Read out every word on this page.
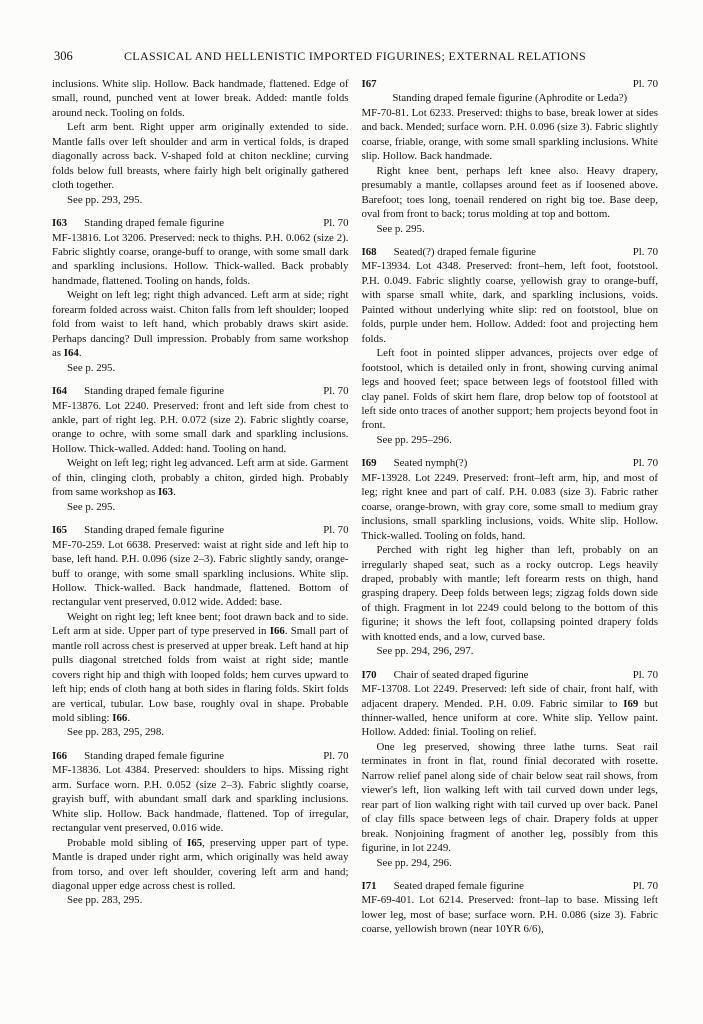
306	CLASSICAL AND HELLENISTIC IMPORTED FIGURINES; EXTERNAL RELATIONS

inclusions. White slip. Hollow. Back handmade, flattened. Edge of small, round, punched vent at lower break. Added: mantle folds around neck. Tooling on folds.

Left arm bent. Right upper arm originally extended to side. Mantle falls over left shoulder and arm in vertical folds, is draped diagonally across back. V-shaped fold at chiton neckline; curving folds below full breasts, where fairly high belt originally gathered cloth together.

See pp. 293, 295.

I63 Standing draped female figurine	Pl. 70

MF-13816. Lot 3206. Preserved: neck to thighs. P.H. 0.062 (size 2). Fabric slightly coarse, orange-buff to orange, with some small dark and sparkling inclusions. Hollow. Thick-walled. Back probably handmade, flattened. Tooling on hands, folds.

Weight on left leg; right thigh advanced. Left arm at side; right forearm folded across waist. Chiton falls from left shoulder; looped fold from waist to left hand, which probably draws skirt aside. Perhaps dancing? Dull impression. Probably from same workshop as I64.

See p. 295.

I64 Standing draped female figurine	Pl. 70

MF-13876. Lot 2240. Preserved: front and left side from chest to ankle, part of right leg. P.H. 0.072 (size 2). Fabric slightly coarse, orange to ochre, with some small dark and sparkling inclusions. Hollow. Thick-walled. Added: hand. Tooling on hand.

Weight on left leg; right leg advanced. Left arm at side. Garment of thin, clinging cloth, probably a chiton, girded high. Probably from same workshop as I63.

See p. 295.

I65 Standing draped female figurine	Pl. 70

MF-70-259. Lot 6638. Preserved: waist at right side and left hip to base, left hand. P.H. 0.096 (size 2–3). Fabric slightly sandy, orange-buff to orange, with some small sparkling inclusions. White slip. Hollow. Thick-walled. Back handmade, flattened. Bottom of rectangular vent preserved, 0.012 wide. Added: base.

Weight on right leg; left knee bent; foot drawn back and to side. Left arm at side. Upper part of type preserved in I66. Small part of mantle roll across chest is preserved at upper break. Left hand at hip pulls diagonal stretched folds from waist at right side; mantle covers right hip and thigh with looped folds; hem curves upward to left hip; ends of cloth hang at both sides in flaring folds. Skirt folds are vertical, tubular. Low base, roughly oval in shape. Probable mold sibling: I66.

See pp. 283, 295, 298.

I66 Standing draped female figurine	Pl. 70

MF-13836. Lot 4384. Preserved: shoulders to hips. Missing right arm. Surface worn. P.H. 0.052 (size 2–3). Fabric slightly coarse, grayish buff, with abundant small dark and sparkling inclusions. White slip. Hollow. Back handmade, flattened. Top of irregular, rectangular vent preserved, 0.016 wide.

Probable mold sibling of I65, preserving upper part of type. Mantle is draped under right arm, which originally was held away from torso, and over left shoulder, covering left arm and hand; diagonal upper edge across chest is rolled.

See pp. 283, 295.

I67	Pl. 70

Standing draped female figurine (Aphrodite or Leda?)

MF-70-81. Lot 6233. Preserved: thighs to base, break lower at sides and back. Mended; surface worn. P.H. 0.096 (size 3). Fabric slightly coarse, friable, orange, with some small sparkling inclusions. White slip. Hollow. Back handmade.

Right knee bent, perhaps left knee also. Heavy drapery, presumably a mantle, collapses around feet as if loosened above. Barefoot; toes long, toenail rendered on right big toe. Base deep, oval from front to back; torus molding at top and bottom.

See p. 295.

I68 Seated(?) draped female figurine	Pl. 70

MF-13934. Lot 4348. Preserved: front–hem, left foot, footstool. P.H. 0.049. Fabric slightly coarse, yellowish gray to orange-buff, with sparse small white, dark, and sparkling inclusions, voids. Painted without underlying white slip: red on footstool, blue on folds, purple under hem. Hollow. Added: foot and projecting hem folds.

Left foot in pointed slipper advances, projects over edge of footstool, which is detailed only in front, showing curving animal legs and hooved feet; space between legs of footstool filled with clay panel. Folds of skirt hem flare, drop below top of footstool at left side onto traces of another support; hem projects beyond foot in front.

See pp. 295–296.

I69 Seated nymph(?)	Pl. 70

MF-13928. Lot 2249. Preserved: front–left arm, hip, and most of leg; right knee and part of calf. P.H. 0.083 (size 3). Fabric rather coarse, orange-brown, with gray core, some small to medium gray inclusions, small sparkling inclusions, voids. White slip. Hollow. Thick-walled. Tooling on folds, hand.

Perched with right leg higher than left, probably on an irregularly shaped seat, such as a rocky outcrop. Legs heavily draped, probably with mantle; left forearm rests on thigh, hand grasping drapery. Deep folds between legs; zigzag folds down side of thigh. Fragment in lot 2249 could belong to the bottom of this figurine; it shows the left foot, collapsing pointed drapery folds with knotted ends, and a low, curved base.

See pp. 294, 296, 297.

I70 Chair of seated draped figurine	Pl. 70

MF-13708. Lot 2249. Preserved: left side of chair, front half, with adjacent drapery. Mended. P.H. 0.09. Fabric similar to I69 but thinner-walled, hence uniform at core. White slip. Yellow paint. Hollow. Added: finial. Tooling on relief.

One leg preserved, showing three lathe turns. Seat rail terminates in front in flat, round finial decorated with rosette. Narrow relief panel along side of chair below seat rail shows, from viewer's left, lion walking left with tail curved down under legs, rear part of lion walking right with tail curved up over back. Panel of clay fills space between legs of chair. Drapery folds at upper break. Nonjoining fragment of another leg, possibly from this figurine, in lot 2249.

See pp. 294, 296.

I71 Seated draped female figurine	Pl. 70

MF-69-401. Lot 6214. Preserved: front–lap to base. Missing left lower leg, most of base; surface worn. P.H. 0.086 (size 3). Fabric coarse, yellowish brown (near 10YR 6/6),
